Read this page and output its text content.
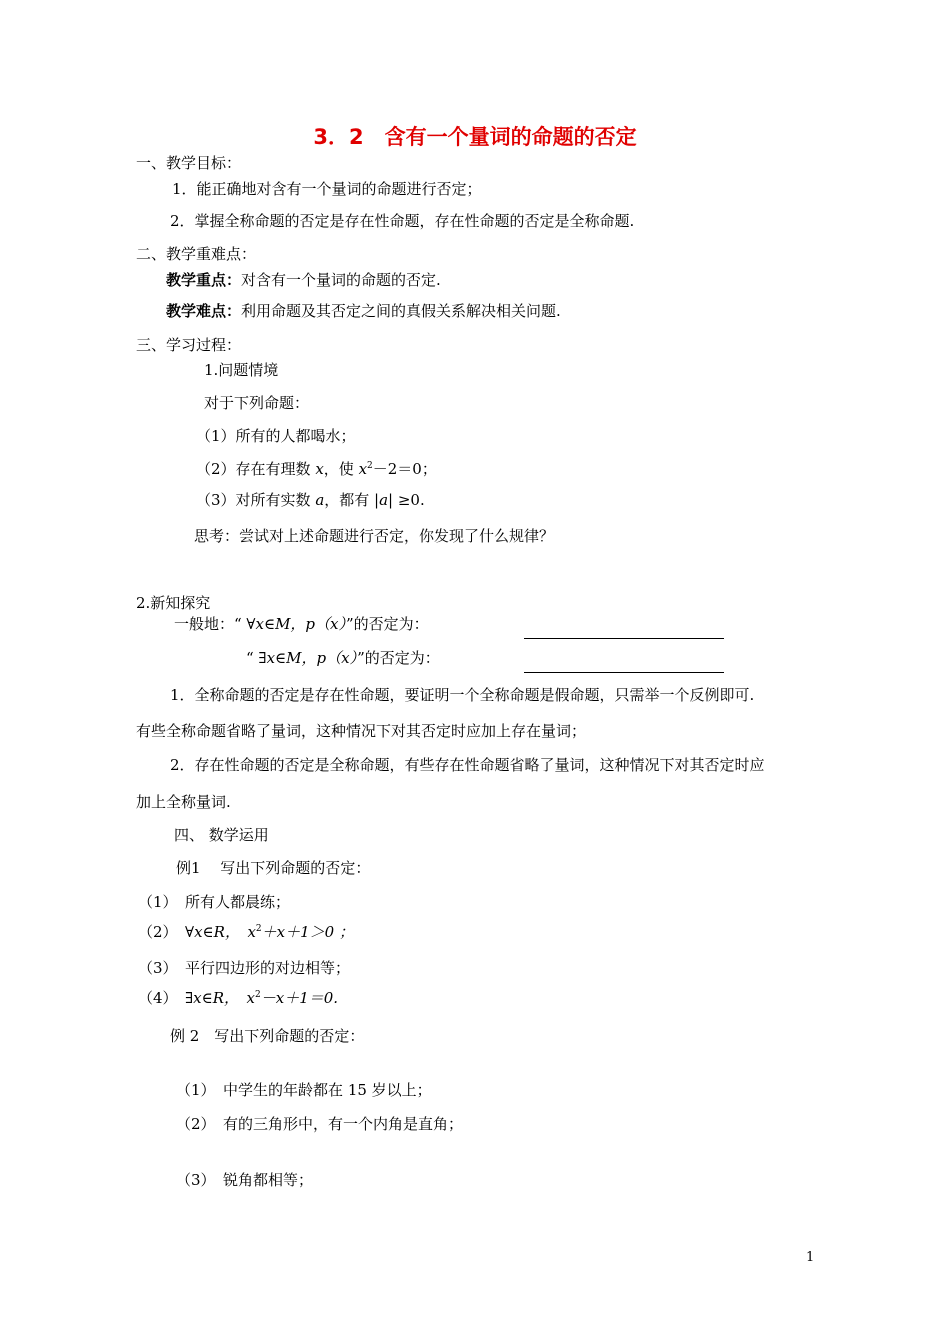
3．2　含有一个量词的命题的否定
一、教学目标：
1．能正确地对含有一个量词的命题进行否定；
2．掌握全称命题的否定是存在性命题，存在性命题的否定是全称命题.
二、教学重难点：
教学重点：对含有一个量词的命题的否定.
教学难点：利用命题及其否定之间的真假关系解决相关问题.
三、学习过程：
1.问题情境
对于下列命题：
（1）所有的人都喝水；
（2）存在有理数 x，使 $x^2-2=0$；
（3）对所有实数 a，都有 |a| ≥0.
思考：尝试对上述命题进行否定，你发现了什么规律？
2.新知探究
一般地：“ ∀x∈M，p（x）”的否定为：
“ ∃x∈M，p（x）”的否定为：
1．全称命题的否定是存在性命题，要证明一个全称命题是假命题，只需举一个反例即可.
有些全称命题省略了量词，这种情况下对其否定时应加上存在量词；
2．存在性命题的否定是全称命题，有些存在性命题省略了量词，这种情况下对其否定时应
加上全称量词.
四、 数学运用
例1　 写出下列命题的否定：
（1）　所有人都晨练；
（2）　∀x∈R，　$x^2+x+1>0$ ；
（3）　平行四边形的对边相等；
（4）　∃x∈R，　$x^2-x+1=0$.
例 2　写出下列命题的否定：
（1）　中学生的年龄都在 15 岁以上；
（2）　有的三角形中，有一个内角是直角；
（3）　锐角都相等；
1
